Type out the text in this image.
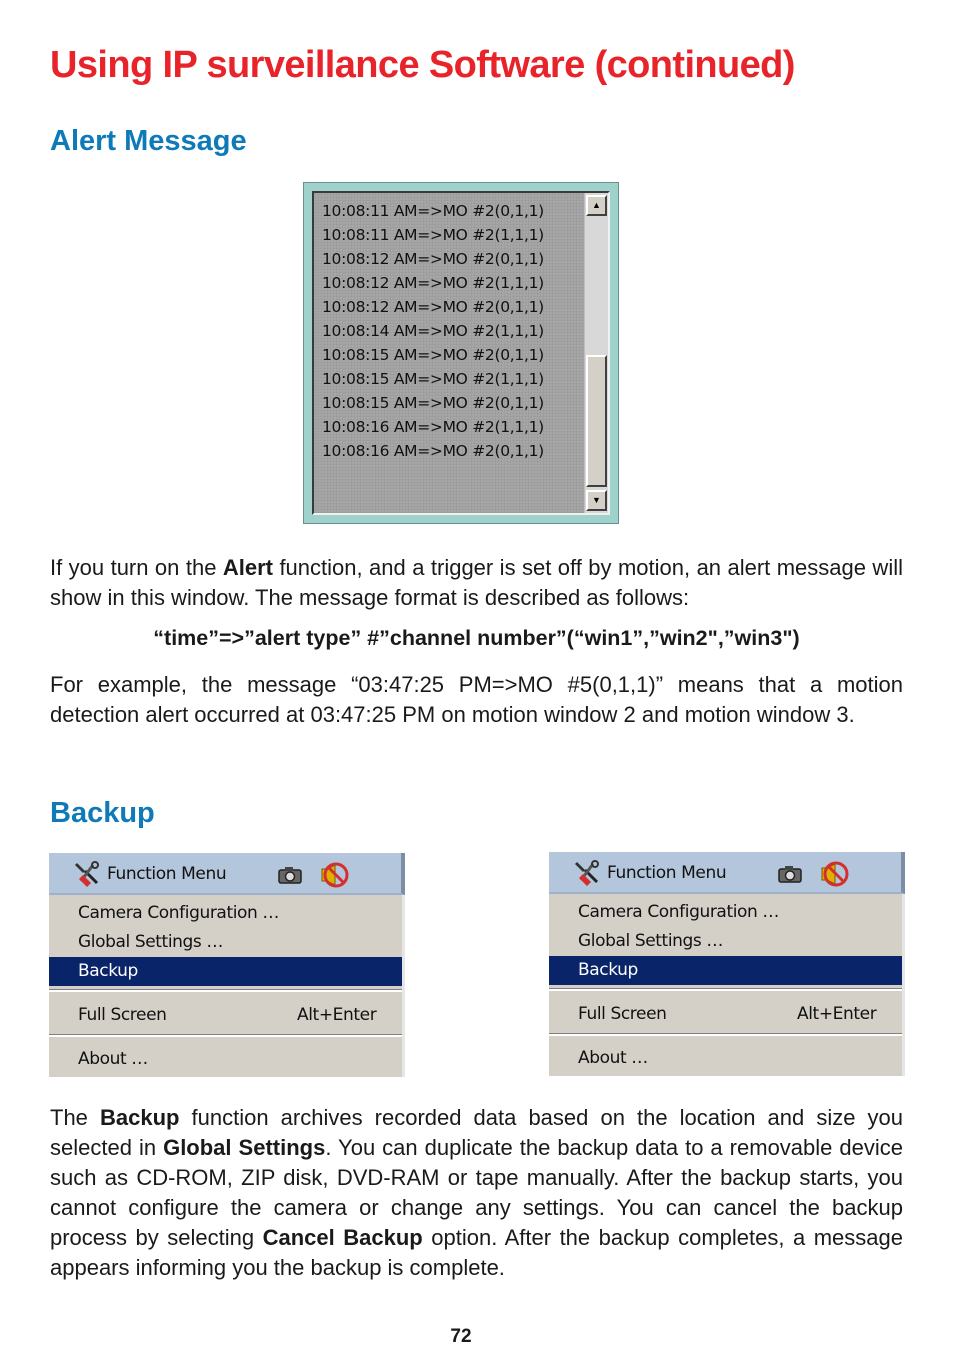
Using IP surveillance Software (continued)
Alert Message
10:08:11 AM=>MO #2(0,1,1)
10:08:11 AM=>MO #2(1,1,1)
10:08:12 AM=>MO #2(0,1,1)
10:08:12 AM=>MO #2(1,1,1)
10:08:12 AM=>MO #2(0,1,1)
10:08:14 AM=>MO #2(1,1,1)
10:08:15 AM=>MO #2(0,1,1)
10:08:15 AM=>MO #2(1,1,1)
10:08:15 AM=>MO #2(0,1,1)
10:08:16 AM=>MO #2(1,1,1)
10:08:16 AM=>MO #2(0,1,1)
▲
▼

If you turn on the Alert function, and a trigger is set off by motion, an alert message will show in this window. The message format is described as follows:

“time”=>”alert type” #”channel number”(“win1”,”win2",”win3")

For example, the message “03:47:25 PM=>MO #5(0,1,1)” means that a motion detection alert occurred at 03:47:25 PM on motion window 2 and motion window 3.

Backup
Function Menu
Camera Configuration …
Global Settings …
Backup
Full Screen	Alt+Enter
About …
Function Menu
Camera Configuration …
Global Settings …
Backup
Full Screen	Alt+Enter
About …

The Backup function archives recorded data based on the location and size you selected in Global Settings. You can duplicate the backup data to a removable device such as CD-ROM, ZIP disk, DVD-RAM or tape manually. After the backup starts, you cannot configure the camera or change any settings. You can cancel the backup process by selecting Cancel Backup option. After the backup completes, a message appears informing you the backup is complete.

72
